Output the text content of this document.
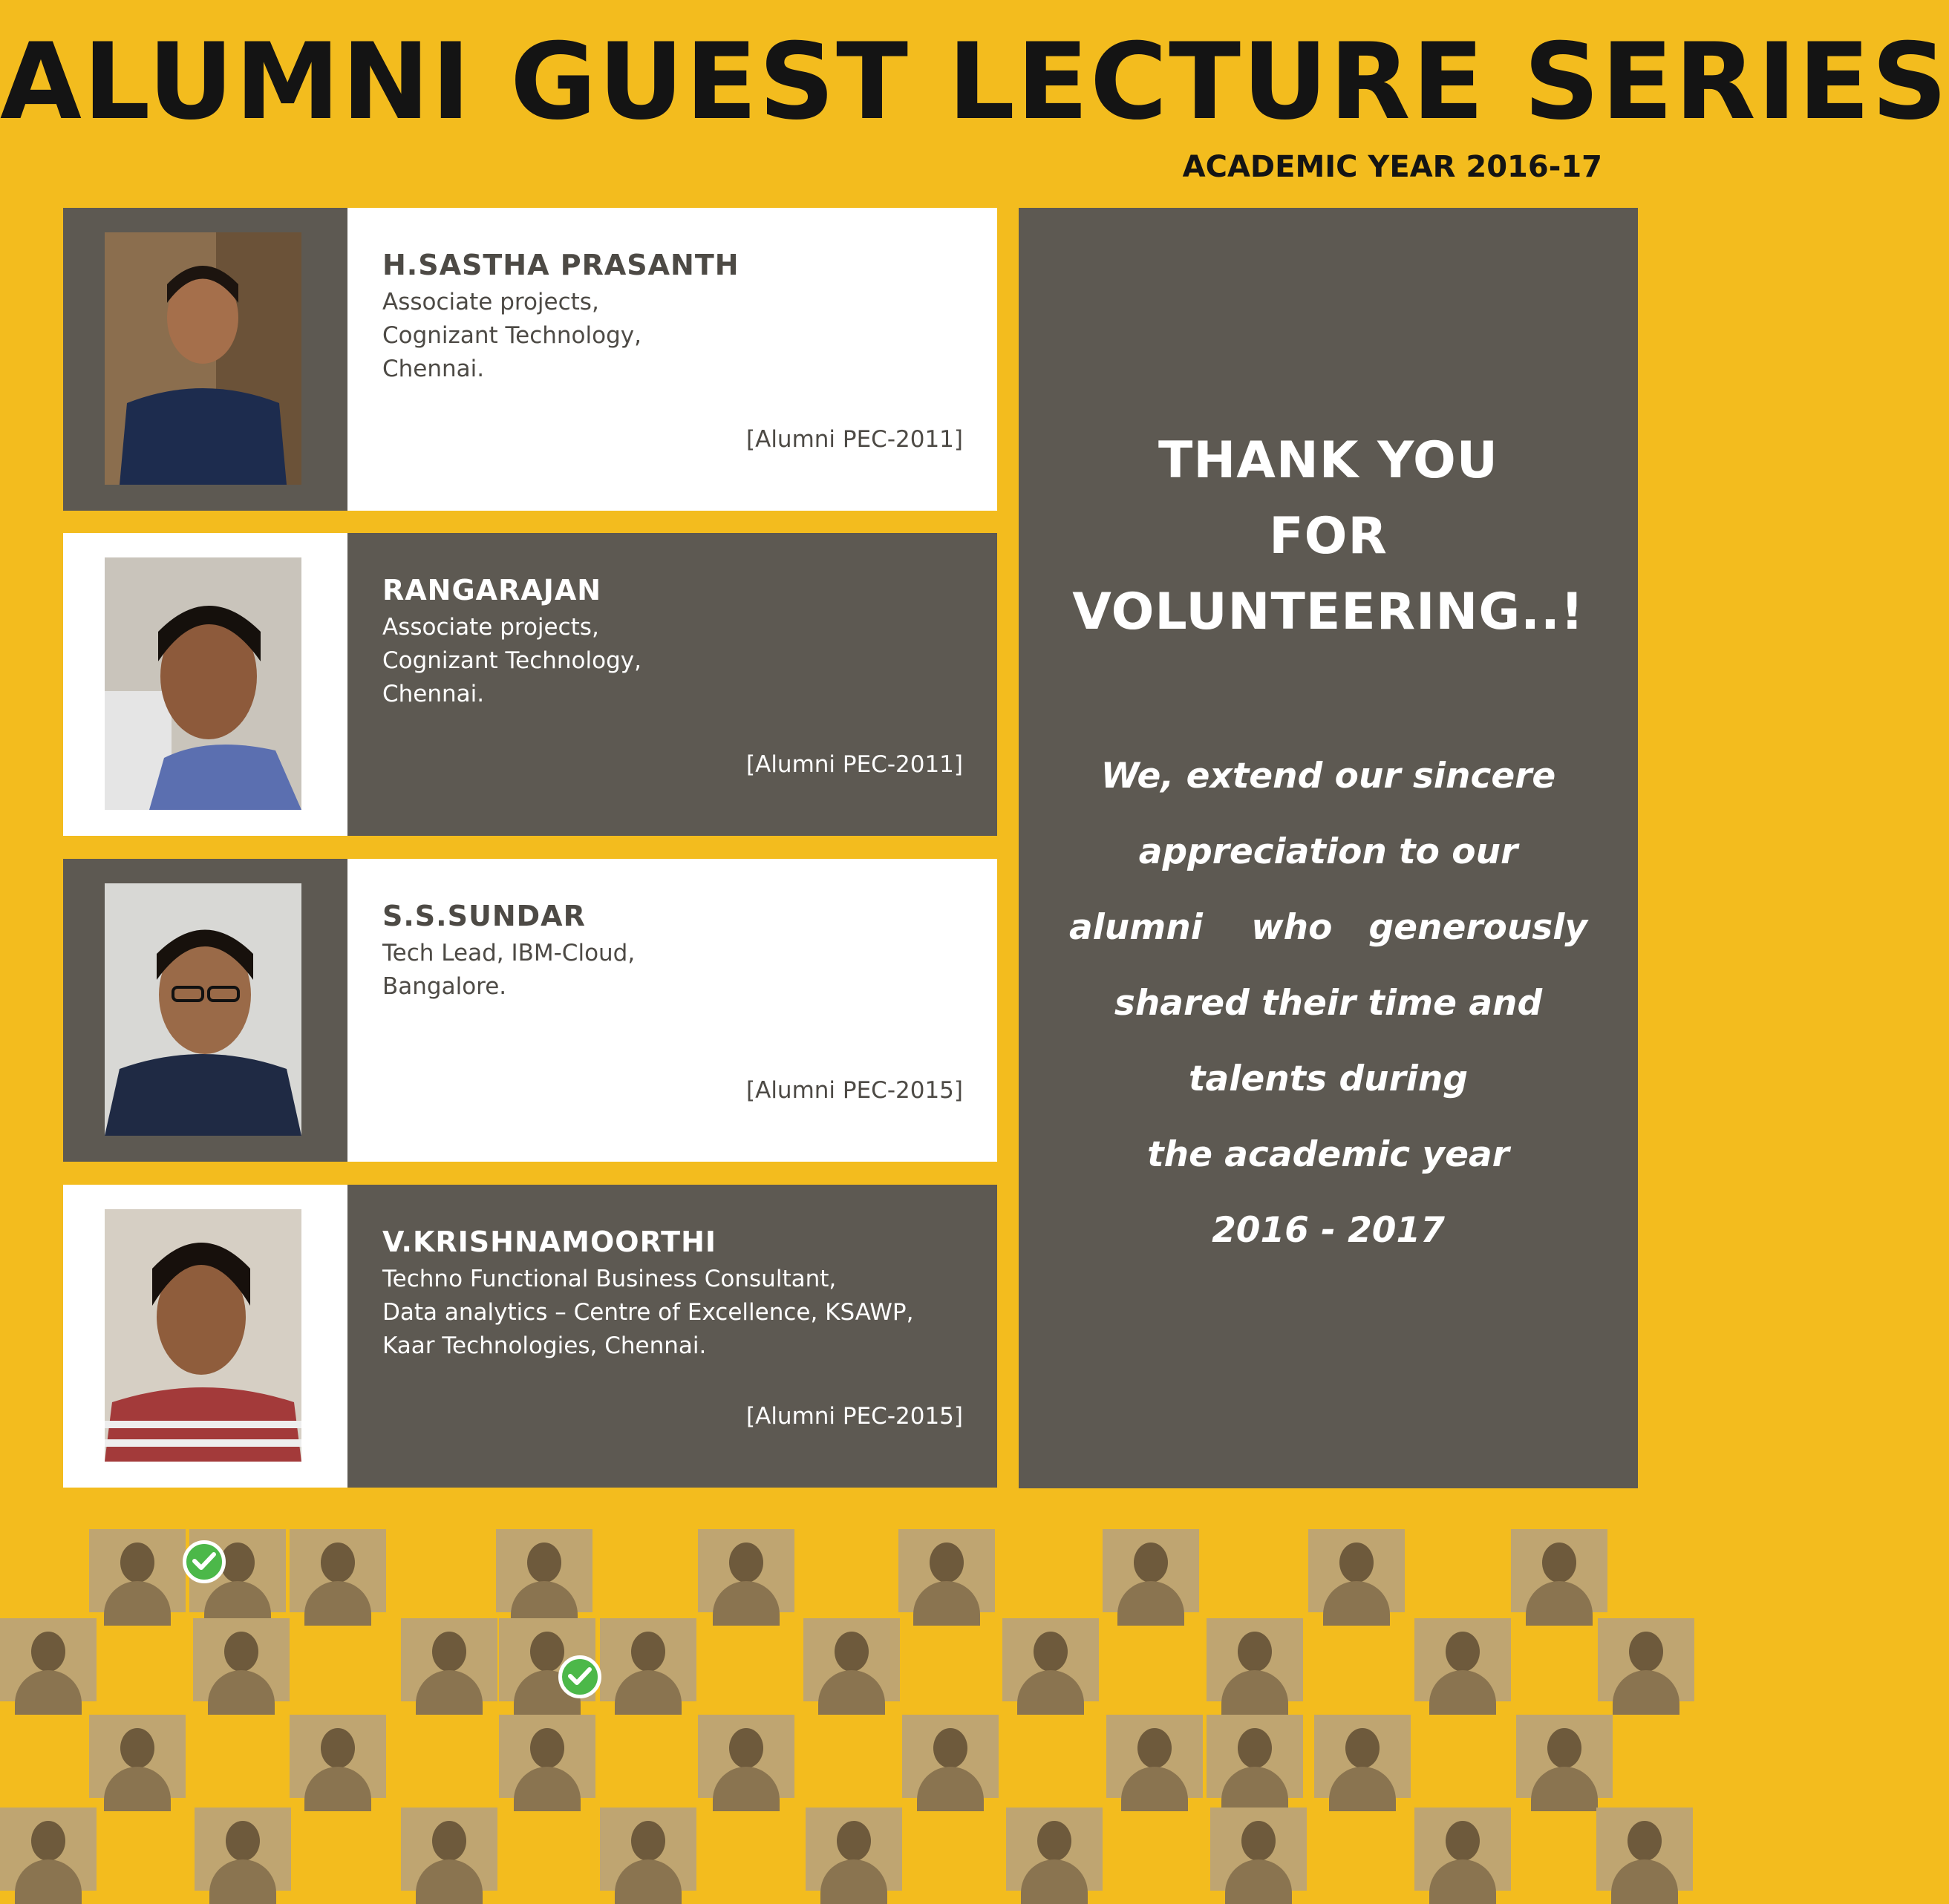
ALUMNI GUEST LECTURE SERIES
ACADEMIC YEAR 2016-17
H.SASTHA PRASANTH
Associate projects,
Cognizant Technology,
Chennai.
[Alumni PEC-2011]
RANGARAJAN
Associate projects,
Cognizant Technology,
Chennai.
[Alumni PEC-2011]
S.S.SUNDAR
Tech Lead, IBM-Cloud,
Bangalore.
[Alumni PEC-2015]
V.KRISHNAMOORTHI
Techno Functional Business Consultant,
Data analytics – Centre of Excellence, KSAWP,
Kaar Technologies, Chennai.
[Alumni PEC-2015]
THANK YOU
FOR
VOLUNTEERING..!
We, extend our sincere
appreciation to our
alumni    who   generously
shared their time and
talents during
the academic year
2016 - 2017
